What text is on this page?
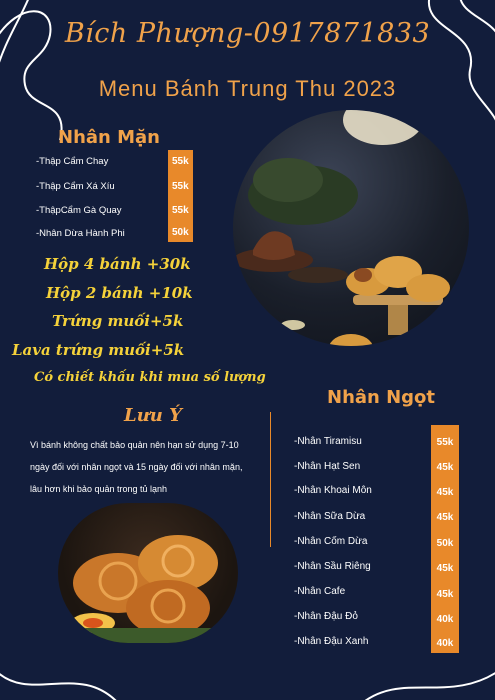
Bích Phượng-0917871833
Menu Bánh Trung Thu 2023
Nhân Mặn
-Thập Cẩm Chay	55k
-Thập Cẩm Xá Xíu	55k
-ThậpCẩm Gà Quay	55k
-Nhân Dừa Hành Phi	50k
Hộp 4 bánh +30k
Hộp 2 bánh +10k
Trứng muối+5k
Lava trứng muối+5k
Có chiết khấu khi mua số lượng
Lưu Ý
Vì bánh không chất bảo quản nên hạn sử dụng 7-10
ngày đối với nhân ngọt và 15 ngày đối với nhân mặn,
lâu hơn khi bảo quản trong tủ lạnh
Nhân Ngọt
-Nhân Tiramisu	55k
-Nhân Hạt Sen	45k
-Nhân Khoai Môn	45k
-Nhân Sữa Dừa	45k
-Nhân Cốm Dừa	50k
-Nhân Sầu Riêng	45k
-Nhân Cafe	45k
-Nhân Đậu Đỏ	40k
-Nhân Đậu Xanh	40k
